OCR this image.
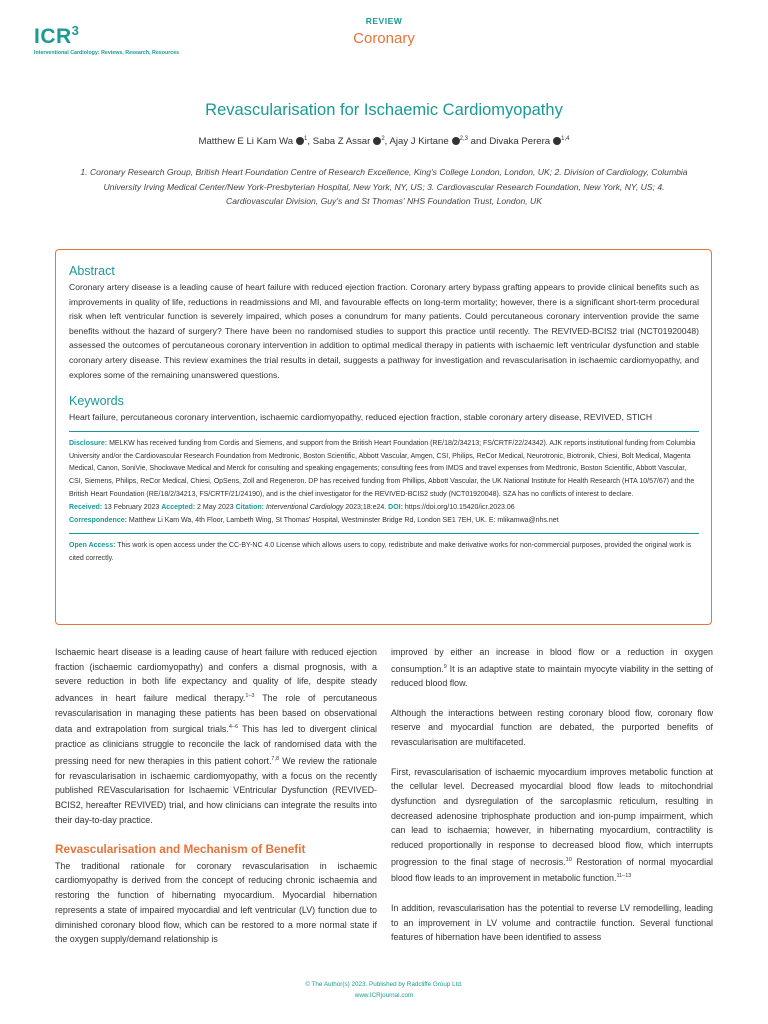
ICR$^3$
Interventional Cardiology: Reviews, Research, Resources
REVIEW
Coronary
Revascularisation for Ischaemic Cardiomyopathy
Matthew E Li Kam Wa $^1$, Saba Z Assar $^2$, Ajay J Kirtane $^{2,3}$ and Divaka Perera $^{1,4}$
1. Coronary Research Group, British Heart Foundation Centre of Research Excellence, King's College London, London, UK; 2. Division of Cardiology, Columbia University Irving Medical Center/New York-Presbyterian Hospital, New York, NY, US; 3. Cardiovascular Research Foundation, New York, NY, US; 4. Cardiovascular Division, Guy's and St Thomas' NHS Foundation Trust, London, UK
Abstract

Coronary artery disease is a leading cause of heart failure with reduced ejection fraction. Coronary artery bypass grafting appears to provide clinical benefits such as improvements in quality of life, reductions in readmissions and MI, and favourable effects on long-term mortality; however, there is a significant short-term procedural risk when left ventricular function is severely impaired, which poses a conundrum for many patients. Could percutaneous coronary intervention provide the same benefits without the hazard of surgery? There have been no randomised studies to support this practice until recently. The REVIVED-BCIS2 trial (NCT01920048) assessed the outcomes of percutaneous coronary intervention in addition to optimal medical therapy in patients with ischaemic left ventricular dysfunction and stable coronary artery disease. This review examines the trial results in detail, suggests a pathway for investigation and revascularisation in ischaemic cardiomyopathy, and explores some of the remaining unanswered questions.

Keywords

Heart failure, percutaneous coronary intervention, ischaemic cardiomyopathy, reduced ejection fraction, stable coronary artery disease, REVIVED, STICH

Disclosure: MELKW has received funding from Cordis and Siemens, and support from the British Heart Foundation (RE/18/2/34213; FS/CRTF/22/24342). AJK reports institutional funding from Columbia University and/or the Cardiovascular Research Foundation from Medtronic, Boston Scientific, Abbott Vascular, Amgen, CSI, Philips, ReCor Medical, Neurotronic, Biotronik, Chiesi, Bolt Medical, Magenta Medical, Canon, SoniVie, Shockwave Medical and Merck for consulting and speaking engagements; consulting fees from IMDS and travel expenses from Medtronic, Boston Scientific, Abbott Vascular, CSI, Siemens, Philips, ReCor Medical, Chiesi, OpSens, Zoll and Regeneron. DP has received funding from Phillips, Abbott Vascular, the UK National Institute for Health Research (HTA 10/57/67) and the British Heart Foundation (RE/18/2/34213, FS/CRTF/21/24190), and is the chief investigator for the REVIVED-BCIS2 study (NCT01920048). SZA has no conflicts of interest to declare.

Received: 13 February 2023 Accepted: 2 May 2023 Citation: Interventional Cardiology 2023;18:e24. DOI: https://doi.org/10.15420/icr.2023.06

Correspondence: Matthew Li Kam Wa, 4th Floor, Lambeth Wing, St Thomas' Hospital, Westminster Bridge Rd, London SE1 7EH, UK. E: mlikamwa@nhs.net

Open Access: This work is open access under the CC-BY-NC 4.0 License which allows users to copy, redistribute and make derivative works for non-commercial purposes, provided the original work is cited correctly.

Ischaemic heart disease is a leading cause of heart failure with reduced ejection fraction (ischaemic cardiomyopathy) and confers a dismal prognosis, with a severe reduction in both life expectancy and quality of life, despite steady advances in heart failure medical therapy.$^{1-3}$ The role of percutaneous revascularisation in managing these patients has been based on observational data and extrapolation from surgical trials.$^{4-6}$ This has led to divergent clinical practice as clinicians struggle to reconcile the lack of randomised data with the pressing need for new therapies in this patient cohort.$^{7,8}$ We review the rationale for revascularisation in ischaemic cardiomyopathy, with a focus on the recently published REVascularisation for Ischaemic VEntricular Dysfunction (REVIVED-BCIS2, hereafter REVIVED) trial, and how clinicians can integrate the results into their day-to-day practice.

Revascularisation and Mechanism of Benefit

The traditional rationale for coronary revascularisation in ischaemic cardiomyopathy is derived from the concept of reducing chronic ischaemia and restoring the function of hibernating myocardium. Myocardial hibernation represents a state of impaired myocardial and left ventricular (LV) function due to diminished coronary blood flow, which can be restored to a more normal state if the oxygen supply/demand relationship is

improved by either an increase in blood flow or a reduction in oxygen consumption.$^9$ It is an adaptive state to maintain myocyte viability in the setting of reduced blood flow.

Although the interactions between resting coronary blood flow, coronary flow reserve and myocardial function are debated, the purported benefits of revascularisation are multifaceted.

First, revascularisation of ischaemic myocardium improves metabolic function at the cellular level. Decreased myocardial blood flow leads to mitochondrial dysfunction and dysregulation of the sarcoplasmic reticulum, resulting in decreased adenosine triphosphate production and ion-pump impairment, which can lead to ischaemia; however, in hibernating myocardium, contractility is reduced proportionally in response to decreased blood flow, which interrupts progression to the final stage of necrosis.$^{10}$ Restoration of normal myocardial blood flow leads to an improvement in metabolic function.$^{11-13}$

In addition, revascularisation has the potential to reverse LV remodelling, leading to an improvement in LV volume and contractile function. Several functional features of hibernation have been identified to assess

© The Author(s) 2023. Published by Radcliffe Group Ltd.
www.ICRjournal.com
